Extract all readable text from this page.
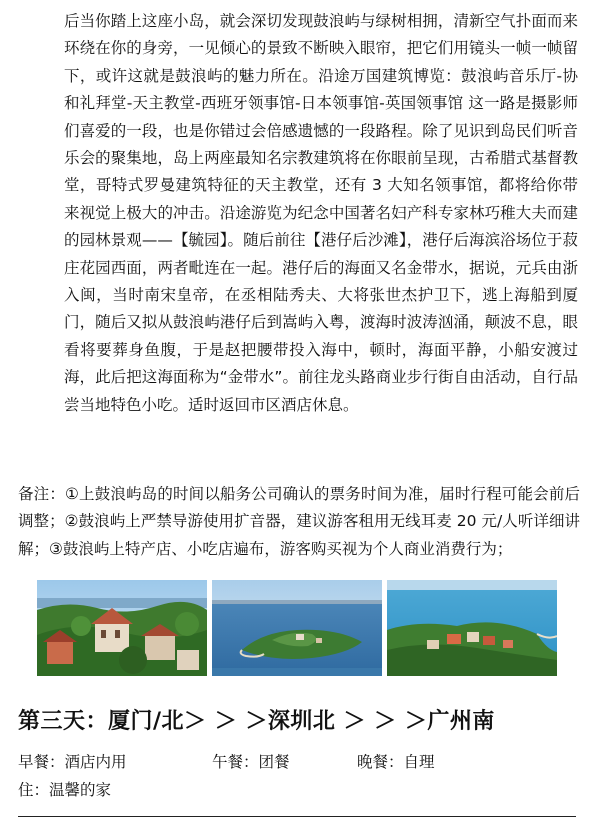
后当你踏上这座小岛，就会深切发现鼓浪屿与绿树相拥，清新空气扑面而来环绕在你的身旁，一见倾心的景致不断映入眼帘，把它们用镜头一帧一帧留下，或许这就是鼓浪屿的魅力所在。沿途万国建筑博览：鼓浪屿音乐厅-协和礼拜堂-天主教堂-西班牙领事馆-日本领事馆-英国领事馆 这一路是摄影师们喜爱的一段，也是你错过会倍感遗憾的一段路程。除了见识到岛民们听音乐会的聚集地，岛上两座最知名宗教建筑将在你眼前呈现，古希腊式基督教堂，哥特式罗曼建筑特征的天主教堂，还有 3 大知名领事馆，都将给你带来视觉上极大的冲击。沿途游览为纪念中国著名妇产科专家林巧稚大夫而建的园林景观——【毓园】。随后前往【港仔后沙滩】，港仔后海滨浴场位于菽庄花园西面，两者毗连在一起。港仔后的海面又名金带水，据说，元兵由浙入闽，当时南宋皇帝，在丞相陆秀夫、大将张世杰护卫下，逃上海船到厦门，随后又拟从鼓浪屿港仔后到嵩屿入粤，渡海时波涛汹涌，颠波不息，眼看将要葬身鱼腹，于是赵把腰带投入海中，顿时，海面平静，小船安渡过海，此后把这海面称为“金带水”。前往龙头路商业步行街自由活动，自行品尝当地特色小吃。适时返回市区酒店休息。

备注：①上鼓浪屿岛的时间以船务公司确认的票务时间为准，届时行程可能会前后调整；②鼓浪屿上严禁导游使用扩音器，建议游客租用无线耳麦 20 元/人听详细讲解；③鼓浪屿上特产店、小吃店遍布，游客购买视为个人商业消费行为；

第三天：厦门/北＞ ＞ ＞深圳北 ＞ ＞ ＞广州南
早餐：酒店内用	午餐：团餐	晚餐：自理
住：温馨的家
